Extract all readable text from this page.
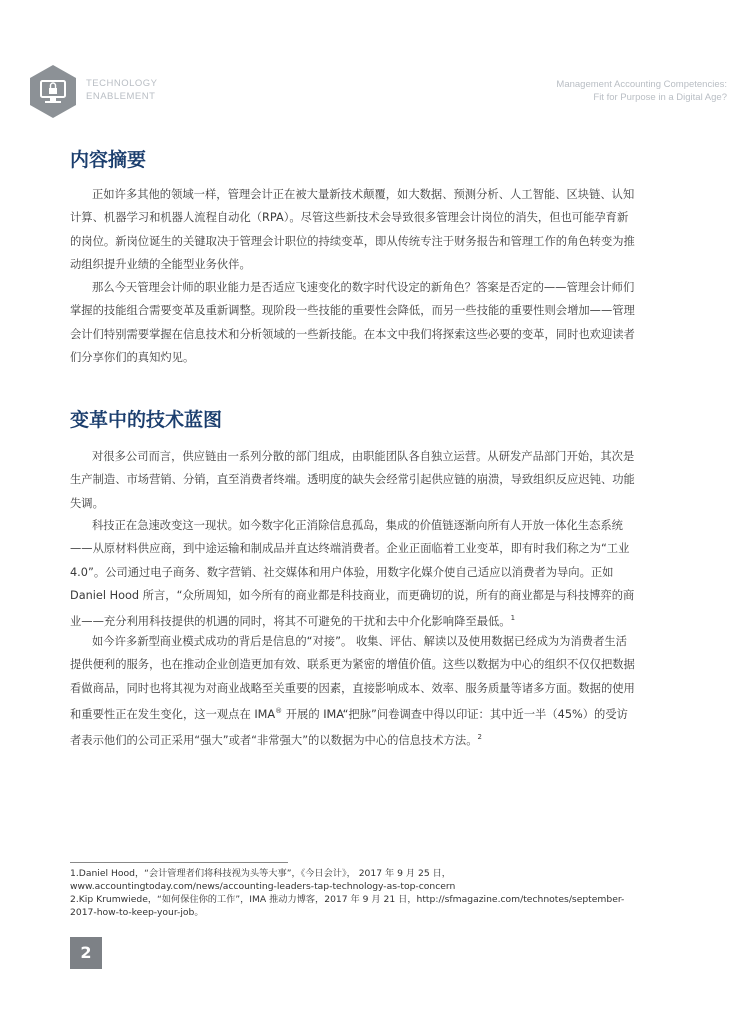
TECHNOLOGY
ENABLEMENT
Management Accounting Competencies:
Fit for Purpose in a Digital Age?
内容摘要

正如许多其他的领域一样，管理会计正在被大量新技术颠覆，如大数据、预测分析、人工智能、区块链、认知计算、机器学习和机器人流程自动化（RPA）。尽管这些新技术会导致很多管理会计岗位的消失，但也可能孕育新的岗位。新岗位诞生的关键取决于管理会计职位的持续变革，即从传统专注于财务报告和管理工作的角色转变为推动组织提升业绩的全能型业务伙伴。

那么今天管理会计师的职业能力是否适应飞速变化的数字时代设定的新角色？答案是否定的——管理会计师们掌握的技能组合需要变革及重新调整。现阶段一些技能的重要性会降低，而另一些技能的重要性则会增加——管理会计们特别需要掌握在信息技术和分析领域的一些新技能。在本文中我们将探索这些必要的变革，同时也欢迎读者们分享你们的真知灼见。

变革中的技术蓝图

对很多公司而言，供应链由一系列分散的部门组成，由职能团队各自独立运营。从研发产品部门开始，其次是生产制造、市场营销、分销，直至消费者终端。透明度的缺失会经常引起供应链的崩溃，导致组织反应迟钝、功能失调。

科技正在急速改变这一现状。如今数字化正消除信息孤岛，集成的价值链逐渐向所有人开放一体化生态系统——从原材料供应商，到中途运输和制成品并直达终端消费者。企业正面临着工业变革，即有时我们称之为“工业 4.0”。公司通过电子商务、数字营销、社交媒体和用户体验，用数字化媒介使自己适应以消费者为导向。正如 Daniel Hood 所言，“众所周知，如今所有的商业都是科技商业，而更确切的说，所有的商业都是与科技博弈的商业——充分利用科技提供的机遇的同时，将其不可避免的干扰和去中介化影响降至最低。$^1$

如今许多新型商业模式成功的背后是信息的“对接”。 收集、评估、解读以及使用数据已经成为为消费者生活提供便利的服务，也在推动企业创造更加有效、联系更为紧密的增值价值。这些以数据为中心的组织不仅仅把数据看做商品，同时也将其视为对商业战略至关重要的因素，直接影响成本、效率、服务质量等诸多方面。数据的使用和重要性正在发生变化，这一观点在 IMA® 开展的 IMA“把脉”问卷调查中得以印证：其中近一半（45%）的受访者表示他们的公司正采用“强大”或者“非常强大”的以数据为中心的信息技术方法。$^2$

1.Daniel Hood，“会计管理者们将科技视为头等大事”，《今日会计》， 2017 年 9 月 25 日，www.accountingtoday.com/news/accounting-leaders-tap-technology-as-top-concern

2.Kip Krumwiede，“如何保住你的工作”，IMA 推动力博客，2017 年 9 月 21 日，http://sfmagazine.com/technotes/september-2017-how-to-keep-your-job。

2
